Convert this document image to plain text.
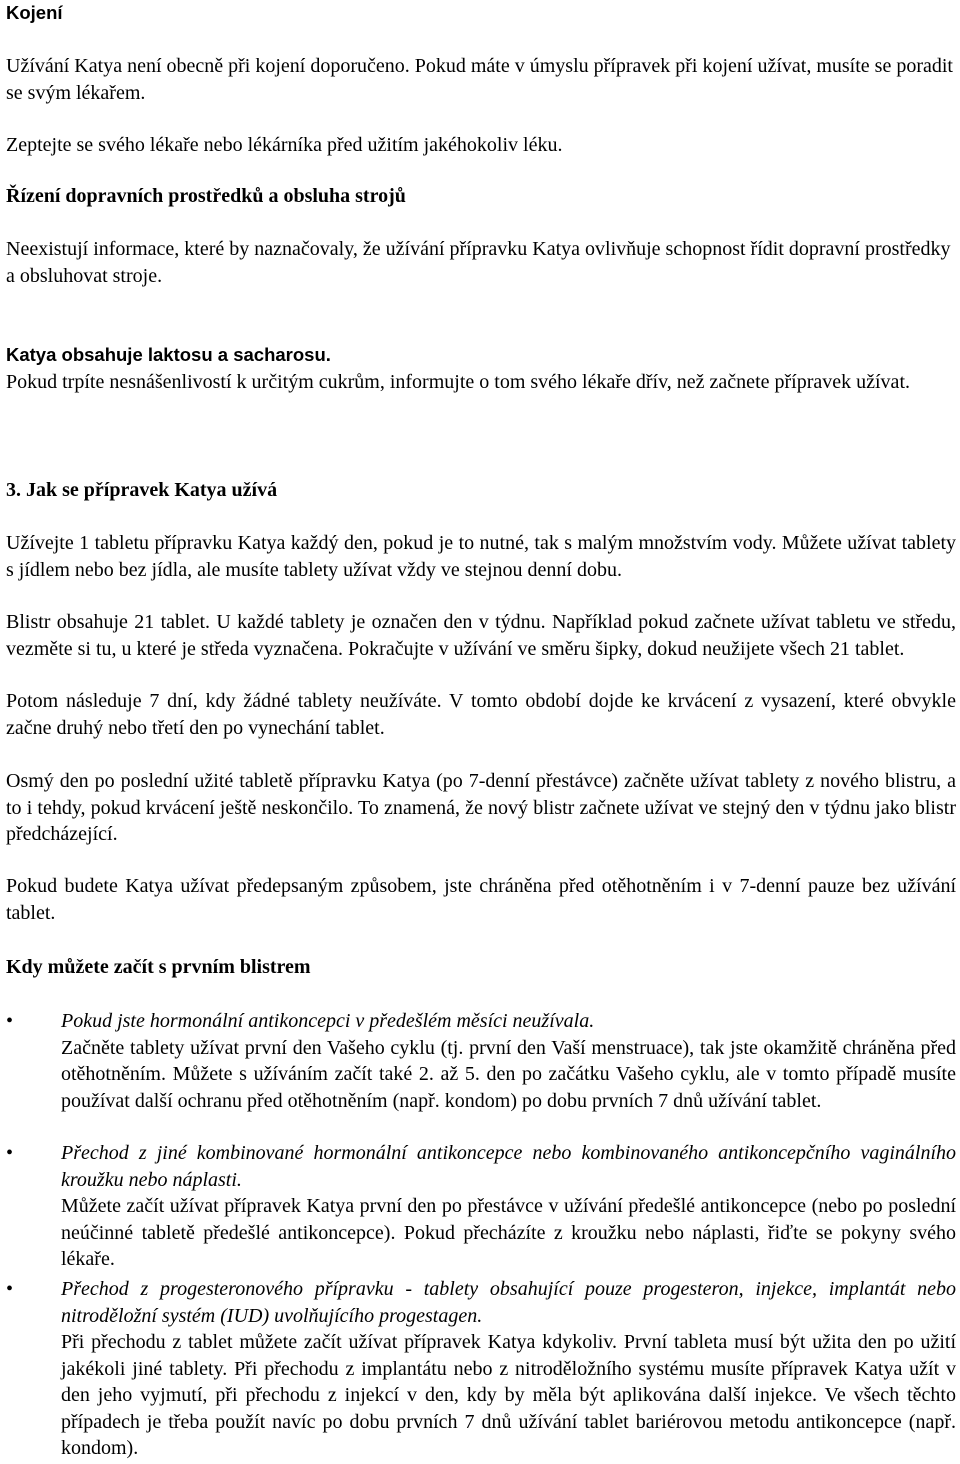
Kojení

Užívání Katya není obecně při kojení doporučeno. Pokud máte v úmyslu přípravek při kojení užívat, musíte se poradit se svým lékařem.

Zeptejte se svého lékaře nebo lékárníka před užitím jakéhokoliv léku.

Řízení dopravních prostředků a obsluha strojů

Neexistují informace, které by naznačovaly, že užívání přípravku Katya ovlivňuje schopnost řídit dopravní prostředky a obsluhovat stroje.

Katya obsahuje laktosu a sacharosu.

Pokud trpíte nesnášenlivostí k určitým cukrům, informujte o tom svého lékaře dřív, než začnete přípravek užívat.

3. Jak se přípravek Katya užívá

Užívejte 1 tabletu přípravku Katya každý den, pokud je to nutné, tak s malým množstvím vody. Můžete užívat tablety s jídlem nebo bez jídla, ale musíte tablety užívat vždy ve stejnou denní dobu.

Blistr obsahuje 21 tablet. U každé tablety je označen den v týdnu. Například pokud začnete užívat tabletu ve středu, vezměte si tu, u které je středa vyznačena. Pokračujte v užívání ve směru šipky, dokud neužijete všech 21 tablet.

Potom následuje 7 dní, kdy žádné tablety neužíváte. V tomto období dojde ke krvácení z vysazení, které obvykle začne druhý nebo třetí den po vynechání tablet.

Osmý den po poslední užité tabletě přípravku Katya (po 7-denní přestávce) začněte užívat tablety z nového blistru, a to i tehdy, pokud krvácení ještě neskončilo. To znamená, že nový blistr začnete užívat ve stejný den v týdnu jako blistr předcházející.

Pokud budete Katya užívat předepsaným způsobem, jste chráněna před otěhotněním i v 7-denní pauze bez užívání tablet.

Kdy můžete začít s prvním blistrem
• Pokud jste hormonální antikoncepci v předešlém měsíci neužívala.

Začněte tablety užívat první den Vašeho cyklu (tj. první den Vaší menstruace), tak jste okamžitě chráněna před otěhotněním. Můžete s užíváním začít také 2. až 5. den po začátku Vašeho cyklu, ale v tomto případě musíte používat další ochranu před otěhotněním (např. kondom) po dobu prvních 7 dnů užívání tablet.

• Přechod z jiné kombinované hormonální antikoncepce nebo kombinovaného antikoncepčního vaginálního kroužku nebo náplasti.

Můžete začít užívat přípravek Katya první den po přestávce v užívání předešlé antikoncepce (nebo po poslední neúčinné tabletě předešlé antikoncepce). Pokud přecházíte z kroužku nebo náplasti, řiďte se pokyny svého lékaře.

• Přechod z progesteronového přípravku - tablety obsahující pouze progesteron, injekce, implantát nebo nitroděložní systém (IUD) uvolňujícího progestagen.

Při přechodu z tablet můžete začít užívat přípravek Katya kdykoliv. První tableta musí být užita den po užití jakékoli jiné tablety. Při přechodu z implantátu nebo z nitroděložního systému musíte přípravek Katya užít v den jeho vyjmutí, při přechodu z injekcí v den, kdy by měla být aplikována další injekce. Ve všech těchto případech je třeba použít navíc po dobu prvních 7 dnů užívání tablet bariérovou metodu antikoncepce (např. kondom).
